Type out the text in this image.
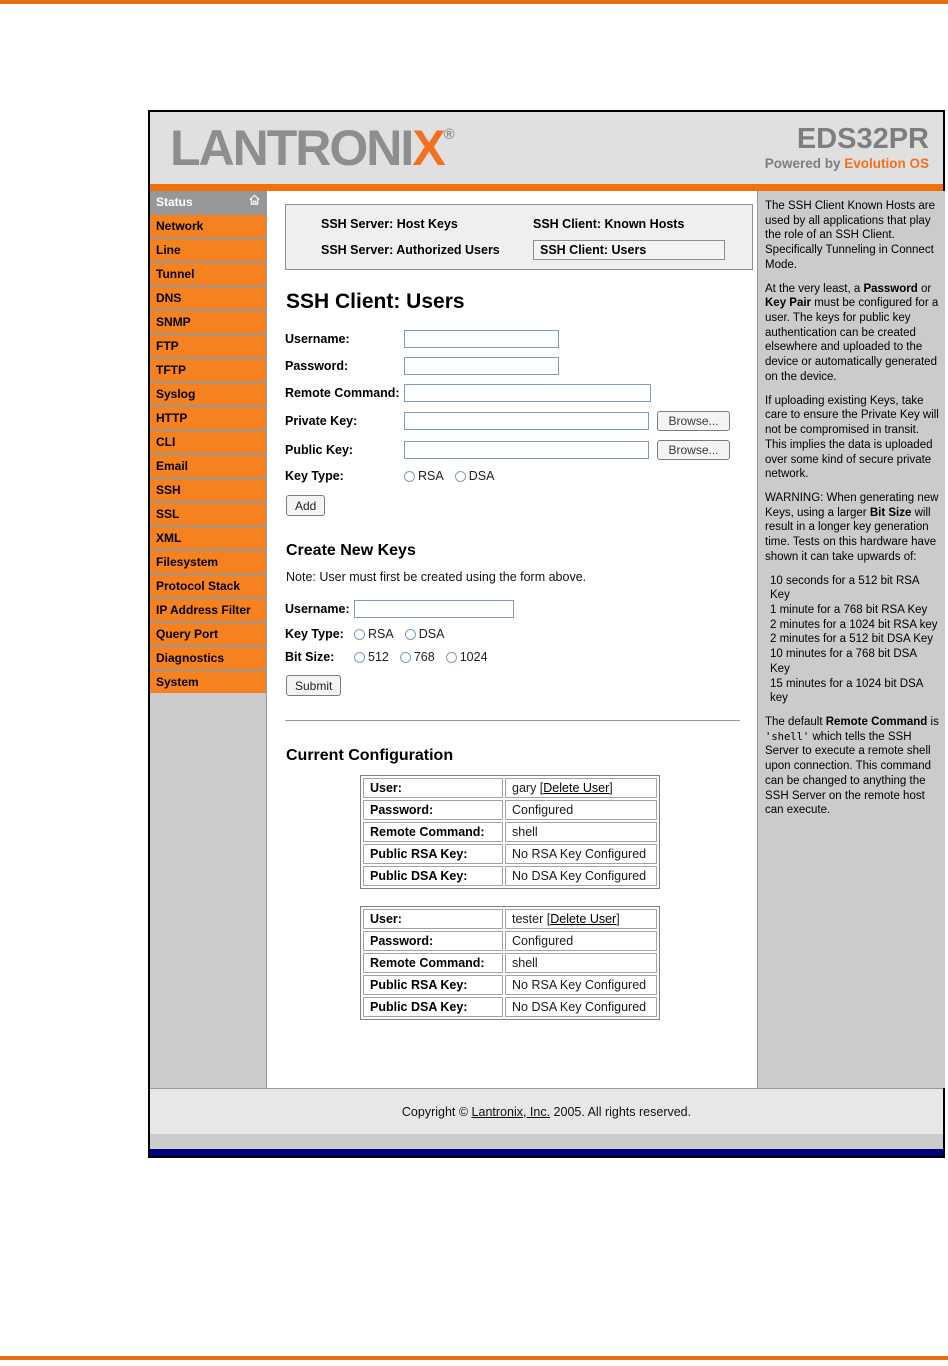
LANTRONIX®	EDS32PR
Powered by Evolution OS
Status
Network
Line
Tunnel
DNS
SNMP
FTP
TFTP
Syslog
HTTP
CLI
Email
SSH
SSL
XML
Filesystem
Protocol Stack
IP Address Filter
Query Port
Diagnostics
System
SSH Server: Host Keys	SSH Client: Known Hosts
SSH Server: Authorized Users	SSH Client: Users
SSH Client: Users
Username:
Password:
Remote Command:
Private Key:	Browse...
Public Key:	Browse...
Key Type:	RSA DSA
Add
Create New Keys
Note: User must first be created using the form above.
Username:
Key Type:	RSA DSA
Bit Size:	512 768 1024
Submit
Current Configuration
User:	gary [Delete User]
Password:	Configured
Remote Command:	shell
Public RSA Key:	No RSA Key Configured
Public DSA Key:	No DSA Key Configured
User:	tester [Delete User]
Password:	Configured
Remote Command:	shell
Public RSA Key:	No RSA Key Configured
Public DSA Key:	No DSA Key Configured

The SSH Client Known Hosts are used by all applications that play the role of an SSH Client. Specifically Tunneling in Connect Mode.

At the very least, a Password or Key Pair must be configured for a user. The keys for public key authentication can be created elsewhere and uploaded to the device or automatically generated on the device.

If uploading existing Keys, take care to ensure the Private Key will not be compromised in transit. This implies the data is uploaded over some kind of secure private network.

WARNING: When generating new Keys, using a larger Bit Size will result in a longer key generation time. Tests on this hardware have shown it can take upwards of:

10 seconds for a 512 bit RSA Key
1 minute for a 768 bit RSA Key
2 minutes for a 1024 bit RSA key
2 minutes for a 512 bit DSA Key
10 minutes for a 768 bit DSA Key
15 minutes for a 1024 bit DSA key

The default Remote Command is 'shell' which tells the SSH Server to execute a remote shell upon connection. This command can be changed to anything the SSH Server on the remote host can execute.

Copyright © Lantronix, Inc. 2005. All rights reserved.
